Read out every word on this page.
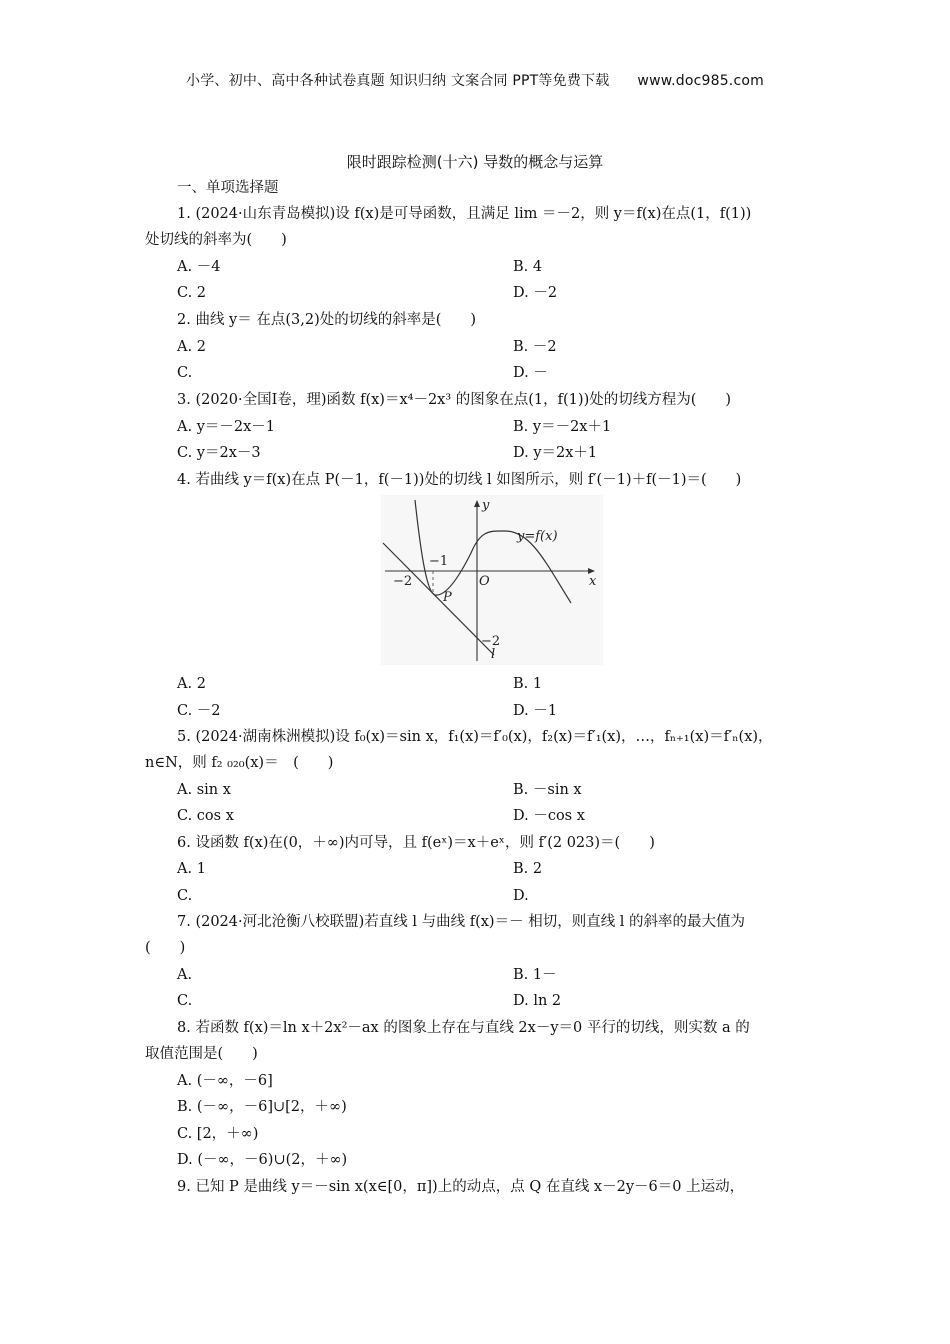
小学、初中、高中各种试卷真题 知识归纳 文案合同 PPT等免费下载 www.doc985.com
限时跟踪检测(十六) 导数的概念与运算
一、单项选择题
1. (2024·山东青岛模拟)设 f(x)是可导函数，且满足 lim ＝－2，则 y＝f(x)在点(1，f(1))
处切线的斜率为(　　)
A. －4	B. 4
C. 2	D. －2
2. 曲线 y＝ 在点(3,2)处的切线的斜率是(　　)
A. 2	B. －2
C.	D. －
3. (2020·全国Ⅰ卷，理)函数 f(x)＝x⁴－2x³ 的图象在点(1，f(1))处的切线方程为(　　)
A. y＝－2x－1	B. y＝－2x＋1
C. y＝2x－3	D. y＝2x＋1
4. 若曲线 y＝f(x)在点 P(－1，f(－1))处的切线 l 如图所示，则 f′(－1)＋f(－1)＝(　　)
y
x
y=f(x)
O
−2
−1
P
−2
l
A. 2	B. 1
C. －2	D. －1
5. (2024·湖南株洲模拟)设 f₀(x)＝sin x，f₁(x)＝f′₀(x)，f₂(x)＝f′₁(x)，…，fₙ₊₁(x)＝f′ₙ(x)，
n∈N，则 f₂ ₀₂₀(x)＝　(　　)
A. sin x	B. －sin x
C. cos x	D. －cos x
6. 设函数 f(x)在(0，＋∞)内可导，且 f(eˣ)＝x＋eˣ，则 f′(2 023)＝(　　)
A. 1	B. 2
C.	D.
7. (2024·河北沧衡八校联盟)若直线 l 与曲线 f(x)＝－ 相切，则直线 l 的斜率的最大值为
(　　)
A.	B. 1－
C.	D. ln 2
8. 若函数 f(x)＝ln x＋2x²－ax 的图象上存在与直线 2x－y＝0 平行的切线，则实数 a 的
取值范围是(　　)
A. (－∞，－6]
B. (－∞，－6]∪[2，＋∞)
C. [2，＋∞)
D. (－∞，－6)∪(2，＋∞)
9. 已知 P 是曲线 y＝－sin x(x∈[0，π])上的动点，点 Q 在直线 x－2y－6＝0 上运动，
